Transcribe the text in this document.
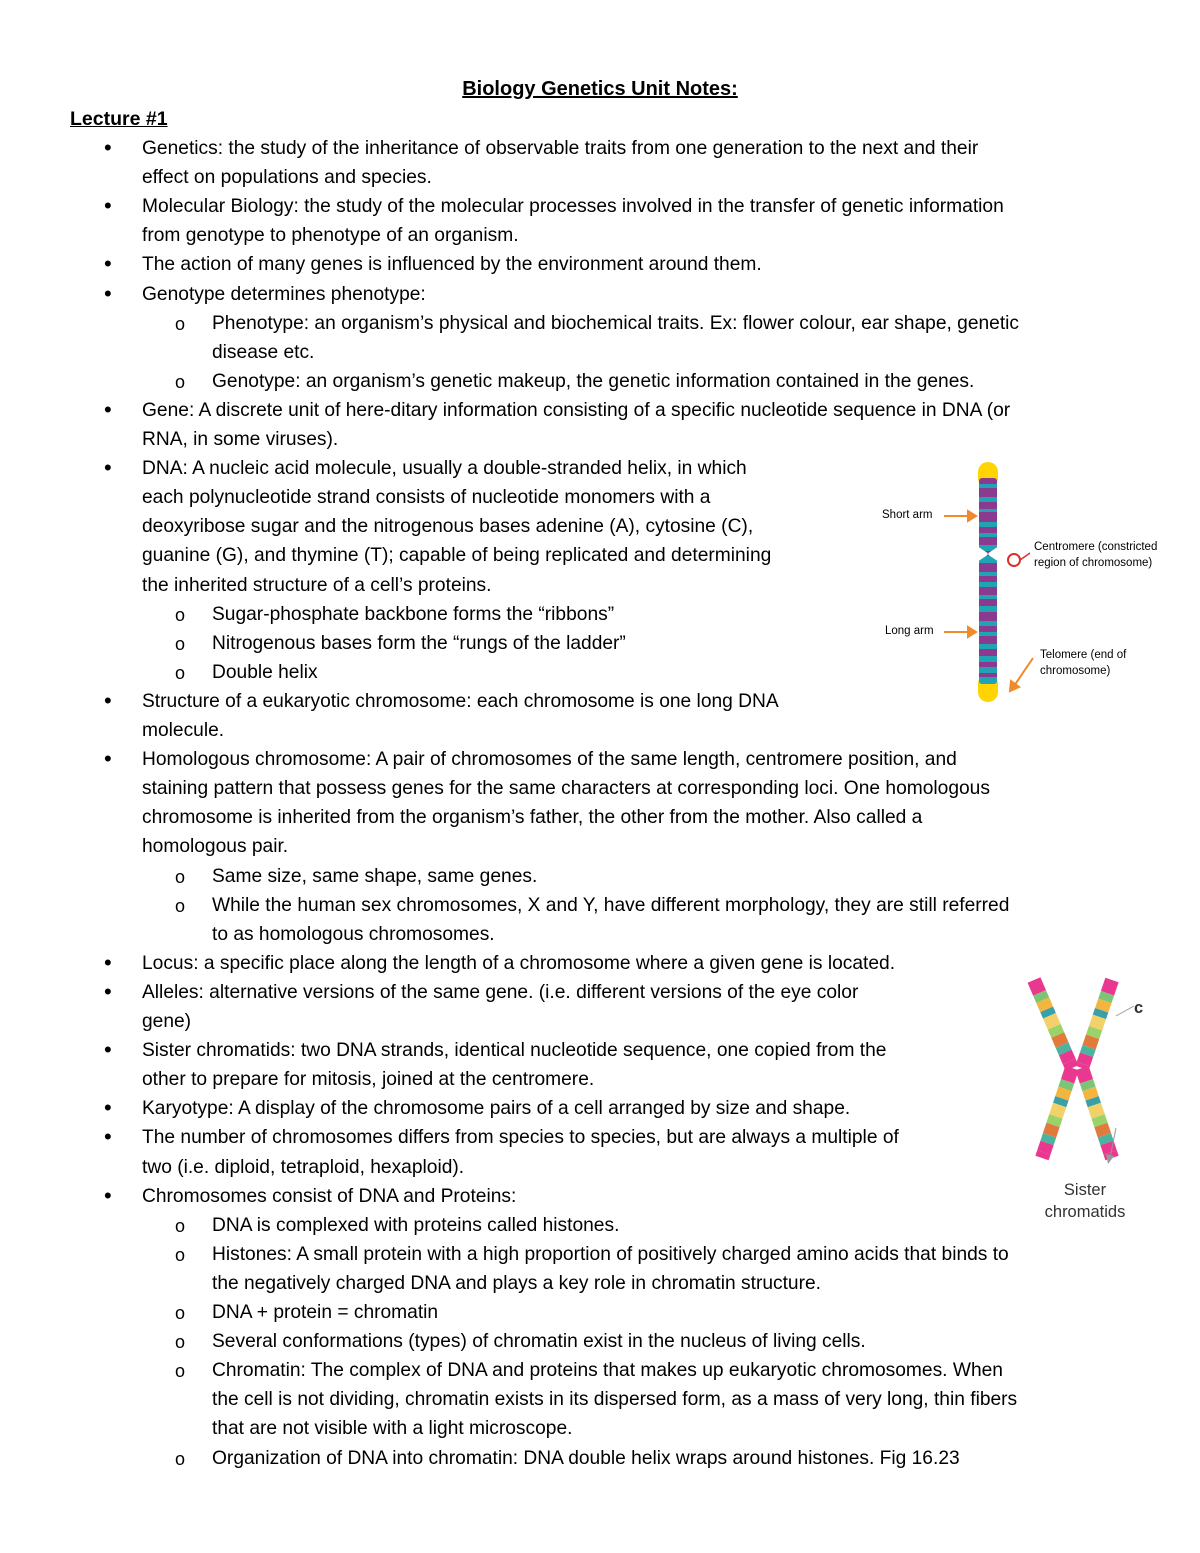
Biology Genetics Unit Notes:
Lecture #1
• Genetics: the study of the inheritance of observable traits from one generation to the next and their
effect on populations and species.
• Molecular Biology: the study of the molecular processes involved in the transfer of genetic information
from genotype to phenotype of an organism.
• The action of many genes is influenced by the environment around them.
• Genotype determines phenotype:
o Phenotype: an organism’s physical and biochemical traits. Ex: flower colour, ear shape, genetic
disease etc.
o Genotype: an organism’s genetic makeup, the genetic information contained in the genes.
• Gene: A discrete unit of here-ditary information consisting of a specific nucleotide sequence in DNA (or
RNA, in some viruses).
• DNA: A nucleic acid molecule, usually a double-stranded helix, in which
each polynucleotide strand consists of nucleotide monomers with a
deoxyribose sugar and the nitrogenous bases adenine (A), cytosine (C),
guanine (G), and thymine (T); capable of being replicated and determining
the inherited structure of a cell’s proteins.
o Sugar-phosphate backbone forms the “ribbons”
o Nitrogenous bases form the “rungs of the ladder”
o Double helix
• Structure of a eukaryotic chromosome: each chromosome is one long DNA
molecule.
• Homologous chromosome: A pair of chromosomes of the same length, centromere position, and
staining pattern that possess genes for the same characters at corresponding loci. One homologous
chromosome is inherited from the organism’s father, the other from the mother. Also called a
homologous pair.
o Same size, same shape, same genes.
o While the human sex chromosomes, X and Y, have different morphology, they are still referred
to as homologous chromosomes.
• Locus: a specific place along the length of a chromosome where a given gene is located.
• Alleles: alternative versions of the same gene. (i.e. different versions of the eye color
gene)
• Sister chromatids: two DNA strands, identical nucleotide sequence, one copied from the
other to prepare for mitosis, joined at the centromere.
• Karyotype: A display of the chromosome pairs of a cell arranged by size and shape.
• The number of chromosomes differs from species to species, but are always a multiple of
two (i.e. diploid, tetraploid, hexaploid).
• Chromosomes consist of DNA and Proteins:
o DNA is complexed with proteins called histones.
o Histones: A small protein with a high proportion of positively charged amino acids that binds to
the negatively charged DNA and plays a key role in chromatin structure.
o DNA + protein = chromatin
o Several conformations (types) of chromatin exist in the nucleus of living cells.
o Chromatin: The complex of DNA and proteins that makes up eukaryotic chromosomes. When
the cell is not dividing, chromatin exists in its dispersed form, as a mass of very long, thin fibers
that are not visible with a light microscope.
o Organization of DNA into chromatin: DNA double helix wraps around histones. Fig 16.23
Short arm
Long arm
Centromere (constricted
region of chromosome)
Telomere (end of
chromosome)
c
Sister
chromatids
